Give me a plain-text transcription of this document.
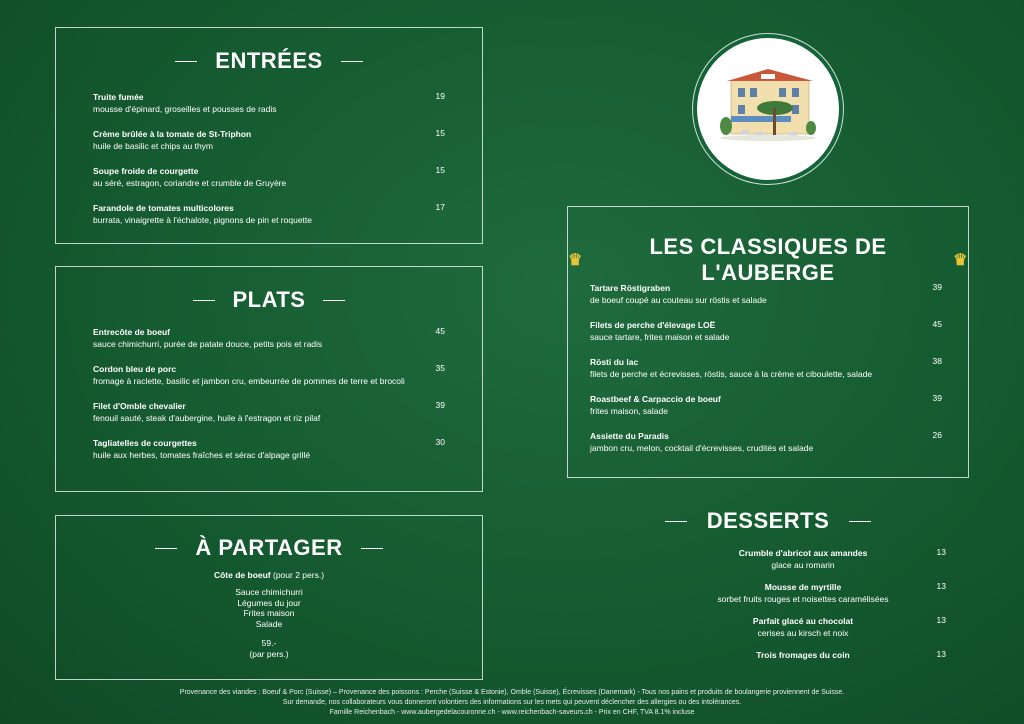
ENTRÉES
Truite fumée
mousse d'épinard, groseilles et pousses de radis
19
Crème brûlée à la tomate de St-Triphon
huile de basilic et chips au thym
15
Soupe froide de courgette
au séré, estragon, coriandre et crumble de Gruyère
15
Farandole de tomates multicolores
burrata, vinaigrette à l'échalote, pignons de pin et roquette
17
PLATS
Entrecôte de boeuf
sauce chimichurri, purée de patate douce, petits pois et radis
45
Cordon bleu de porc
fromage à raclette, basilic et jambon cru, embeurrée de pommes de terre et brocoli
35
Filet d'Omble chevalier
fenouil sauté, steak d'aubergine, huile à l'estragon et riz pilaf
39
Tagliatelles de courgettes
huile aux herbes, tomates fraîches et sérac d'alpage grillé
30
À PARTAGER
Côte de boeuf (pour 2 pers.)
Sauce chimichurri
Légumes du jour
Frites maison
Salade
59.-
(par pers.)
♛
LES CLASSIQUES DE L'AUBERGE	♛
Tartare Röstigraben
de boeuf coupé au couteau sur röstis et salade
39
Filets de perche d'élevage LOË
sauce tartare, frites maison et salade
45
Rösti du lac
filets de perche et écrevisses, röstis, sauce à la crème et ciboulette, salade
38
Roastbeef & Carpaccio de boeuf
frites maison, salade
39
Assiette du Paradis
jambon cru, melon, cocktail d'écrevisses, crudités et salade
26
DESSERTS
Crumble d'abricot aux amandes
glace au romarin
13
Mousse de myrtille
sorbet fruits rouges et noisettes caramélisées
13
Parfait glacé au chocolat
cerises au kirsch et noix
13
Trois fromages du coin	13
Provenance des viandes : Boeuf & Porc (Suisse) – Provenance des poissons : Perche (Suisse & Estonie), Omble (Suisse), Écrevisses (Danemark) - Tous nos pains et produits de boulangerie proviennent de Suisse.
Sur demande, nos collaborateurs vous donneront volontiers des informations sur les mets qui peuvent déclencher des allergies ou des intolérances.
Famille Reichenbach - www.aubergedelacouronne.ch - www.reichenbach-saveurs.ch - Prix en CHF, TVA 8.1% incluse
